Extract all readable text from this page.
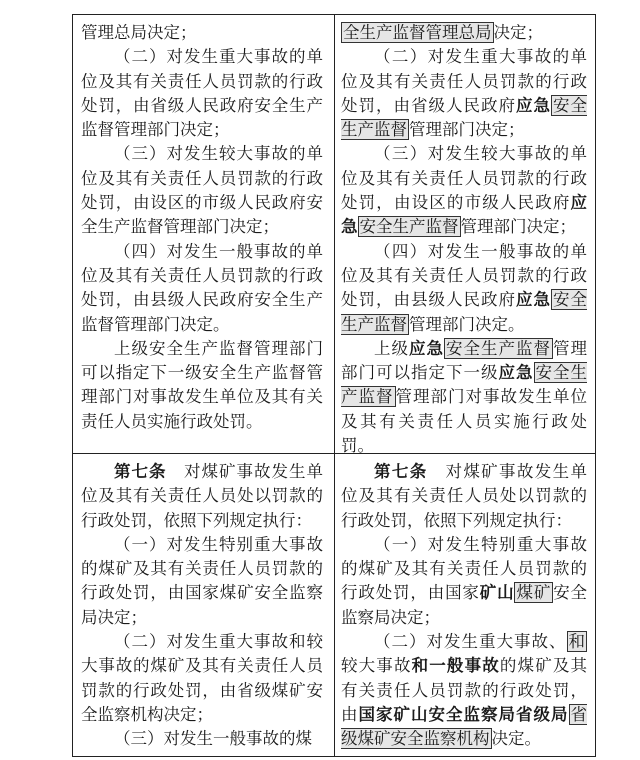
管理总局决定；

（二）对发生重大事故的单位及其有关责任人员罚款的行政处罚，由省级人民政府安全生产监督管理部门决定；

（三）对发生较大事故的单位及其有关责任人员罚款的行政处罚，由设区的市级人民政府安全生产监督管理部门决定；

（四）对发生一般事故的单位及其有关责任人员罚款的行政处罚，由县级人民政府安全生产监督管理部门决定。

上级安全生产监督管理部门可以指定下一级安全生产监督管理部门对事故发生单位及其有关责任人员实施行政处罚。

全生产监督管理总局 决定；

（二）对发生重大事故的单位及其有关责任人员罚款的行政处罚，由省级人民政府应急 安全生产监督 管理部门决定；

（三）对发生较大事故的单位及其有关责任人员罚款的行政处罚，由设区的市级人民政府应急 安全生产监督 管理部门决定；

（四）对发生一般事故的单位及其有关责任人员罚款的行政处罚，由县级人民政府应急 安全生产监督 管理部门决定。

上级应急 安全生产监督 管理部门可以指定下一级应急 安全生产监督 管理部门对事故发生单位及其有关责任人员实施行政处罚。

第七条  对煤矿事故发生单位及其有关责任人员处以罚款的行政处罚，依照下列规定执行：

（一）对发生特别重大事故的煤矿及其有关责任人员罚款的行政处罚，由国家煤矿安全监察局决定；

（二）对发生重大事故和较大事故的煤矿及其有关责任人员罚款的行政处罚，由省级煤矿安全监察机构决定；

（三）对发生一般事故的煤

第七条  对煤矿事故发生单位及其有关责任人员处以罚款的行政处罚，依照下列规定执行：

（一）对发生特别重大事故的煤矿及其有关责任人员罚款的行政处罚，由国家矿山 煤矿 安全监察局决定；

（二）对发生重大事故、 和较大事故和一般事故的煤矿及其有关责任人员罚款的行政处罚，由国家矿山安全监察局省级局 省级煤矿安全监察机构 决定。
